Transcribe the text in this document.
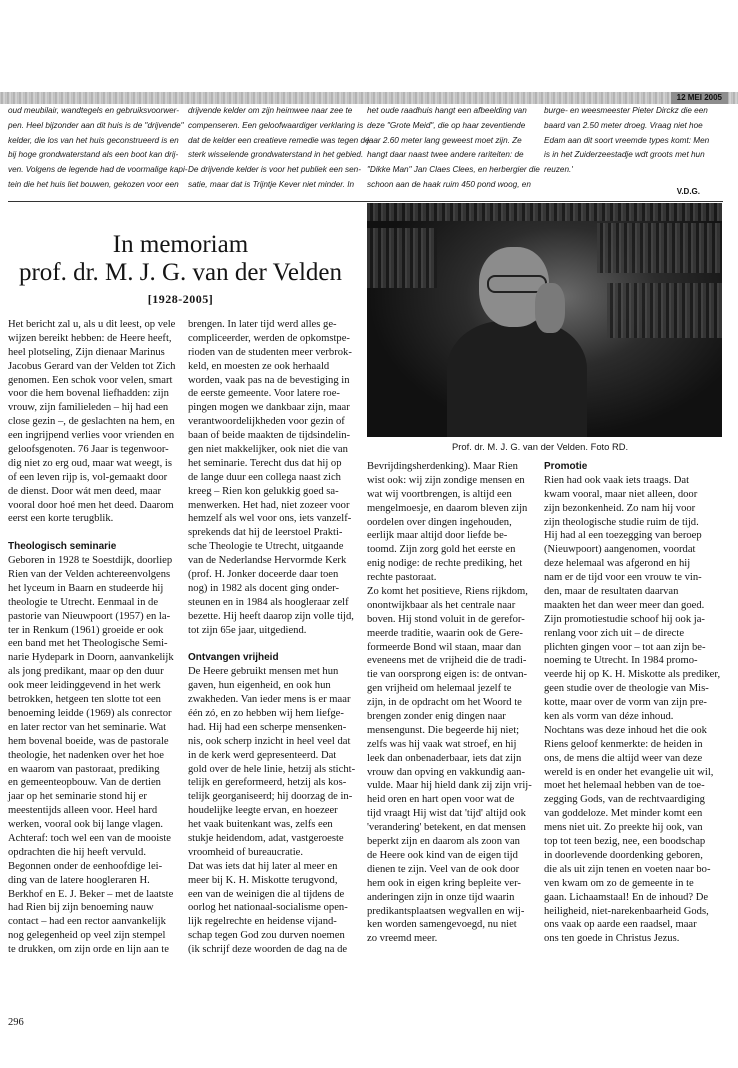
12 MEI 2005
oud meubilair, wandtegels en gebruiksvoorwer-
pen. Heel bijzonder aan dit huis is de "drijvende"
kelder, die los van het huis geconstrueerd is en
bij hoge grondwaterstand als een boot kan drij-
ven. Volgens de legende had de voormalige kapi-
tein die het huis liet bouwen, gekozen voor een
drijvende kelder om zijn heimwee naar zee te
compenseren. Een geloofwaardiger verklaring is
dat de kelder een creatieve remedie was tegen de
sterk wisselende grondwaterstand in het gebied.
De drijvende kelder is voor het publiek een sen-
satie, maar dat is Trijntje Kever niet minder. In
het oude raadhuis hangt een afbeelding van
deze "Grote Meid", die op haar zeventiende
jaar 2.60 meter lang geweest moet zijn. Ze
hangt daar naast twee andere rariteiten: de
"Dikke Man" Jan Claes Clees, en herbergier die
schoon aan de haak ruim 450 pond woog, en
burge- en weesmeester Pieter Dirckz die een
baard van 2.50 meter droeg. Vraag niet hoe
Edam aan dit soort vreemde types komt: Men
is in het Zuiderzeestadje wdt groots met hun
reuzen.'
V.D.G.
In memoriam
prof. dr. M. J. G. van der Velden
[1928-2005]
Prof. dr. M. J. G. van der Velden. Foto RD.
Het bericht zal u, als u dit leest, op vele
wijzen bereikt hebben: de Heere heeft,
heel plotseling, Zijn dienaar Marinus
Jacobus Gerard van der Velden tot Zich
genomen. Een schok voor velen, smart
voor die hem bovenal liefhadden: zijn
vrouw, zijn familieleden – hij had een
close gezin –, de geslachten na hem, en
een ingrijpend verlies voor vrienden en
geloofsgenoten. 76 Jaar is tegenwoor-
dig niet zo erg oud, maar wat weegt, is
of een leven rijp is, vol-gemaakt door
de dienst. Door wát men deed, maar
vooral door hoé men het deed. Daarom
eerst een korte terugblik.
Theologisch seminarie
Geboren in 1928 te Soestdijk, doorliep
Rien van der Velden achtereenvolgens
het lyceum in Baarn en studeerde hij
theologie te Utrecht. Eenmaal in de
pastorie van Nieuwpoort (1957) en la-
ter in Renkum (1961) groeide er ook
een band met het Theologische Semi-
narie Hydepark in Doorn, aanvankelijk
als jong predikant, maar op den duur
ook meer leidinggevend in het werk
betrokken, hetgeen ten slotte tot een
benoeming leidde (1969) als conrector
en later rector van het seminarie. Wat
hem bovenal boeide, was de pastorale
theologie, het nadenken over het hoe
en waarom van pastoraat, prediking
en gemeenteopbouw. Van de dertien
jaar op het seminarie stond hij er
meestentijds alleen voor. Heel hard
werken, vooral ook bij lange vlagen.
Achteraf: toch wel een van de mooiste
opdrachten die hij heeft vervuld.
Begonnen onder de eenhoofdige lei-
ding van de latere hoogleraren H.
Berkhof en E. J. Beker – met de laatste
had Rien bij zijn benoeming nauw
contact – had een rector aanvankelijk
nog gelegenheid op veel zijn stempel
te drukken, om zijn orde en lijn aan te
brengen. In later tijd werd alles ge-
compliceerder, werden de opkomstpe-
rioden van de studenten meer verbrok-
keld, en moesten ze ook herhaald
worden, vaak pas na de bevestiging in
de eerste gemeente. Voor latere roe-
pingen mogen we dankbaar zijn, maar
verantwoordelijkheden voor gezin of
baan of beide maakten de tijdsindelin-
gen niet makkelijker, ook niet die van
het seminarie. Terecht dus dat hij op
de lange duur een collega naast zich
kreeg – Rien kon gelukkig goed sa-
menwerken. Het had, niet zozeer voor
hemzelf als wel voor ons, iets vanzelf-
sprekends dat hij de leerstoel Prakti-
sche Theologie te Utrecht, uitgaande
van de Nederlandse Hervormde Kerk
(prof. H. Jonker doceerde daar toen
nog) in 1982 als docent ging onder-
steunen en in 1984 als hoogleraar zelf
bezette. Hij heeft daarop zijn volle tijd,
tot zijn 65e jaar, uitgediend.
Ontvangen vrijheid
De Heere gebruikt mensen met hun
gaven, hun eigenheid, en ook hun
zwakheden. Van ieder mens is er maar
één zó, en zo hebben wij hem liefge-
had. Hij had een scherpe mensenken-
nis, ook scherp inzicht in heel veel dat
in de kerk werd gepresenteerd. Dat
gold over de hele linie, hetzij als sticht-
telijk en gereformeerd, hetzij als kos-
telijk georganiseerd; hij doorzag de in-
houdelijke leegte ervan, en hoezeer
het vaak buitenkant was, zelfs een
stukje heidendom, adat, vastgeroeste
vroomheid of bureaucratie.
Dat was iets dat hij later al meer en
meer bij K. H. Miskotte terugvond,
een van de weinigen die al tijdens de
oorlog het nationaal-socialisme open-
lijk regelrechte en heidense vijand-
schap tegen God zou durven noemen
(ik schrijf deze woorden de dag na de
Bevrijdingsherdenking). Maar Rien
wist ook: wij zijn zondige mensen en
wat wij voortbrengen, is altijd een
mengelmoesje, en daarom bleven zijn
oordelen over dingen ingehouden,
eerlijk maar altijd door liefde be-
toomd. Zijn zorg gold het eerste en
enig nodige: de rechte prediking, het
rechte pastoraat.
Zo komt het positieve, Riens rijkdom,
onontwijkbaar als het centrale naar
boven. Hij stond voluit in de gerefor-
meerde traditie, waarin ook de Gere-
formeerde Bond wil staan, maar dan
eveneens met de vrijheid die de tradi-
tie van oorsprong eigen is: de ontvan-
gen vrijheid om helemaal jezelf te
zijn, in de opdracht om het Woord te
brengen zonder enig dingen naar
mensengunst. Die begeerde hij niet;
zelfs was hij vaak wat stroef, en hij
leek dan onbenaderbaar, iets dat zijn
vrouw dan opving en vakkundig aan-
vulde. Maar hij hield dank zij zijn vrij-
heid oren en hart open voor wat de
tijd vraagt Hij wist dat 'tijd' altijd ook
'verandering' betekent, en dat mensen
beperkt zijn en daarom als zoon van
de Heere ook kind van de eigen tijd
dienen te zijn. Veel van de ook door
hem ook in eigen kring bepleite ver-
anderingen zijn in onze tijd waarin
predikantsplaatsen wegvallen en wij-
ken worden samengevoegd, nu niet
zo vreemd meer.
Promotie
Rien had ook vaak iets traags. Dat
kwam vooral, maar niet alleen, door
zijn bezonkenheid. Zo nam hij voor
zijn theologische studie ruim de tijd.
Hij had al een toezegging van beroep
(Nieuwpoort) aangenomen, voordat
deze helemaal was afgerond en hij
nam er de tijd voor een vrouw te vin-
den, maar de resultaten daarvan
maakten het dan weer meer dan goed.
Zijn promotiestudie schoof hij ook ja-
renlang voor zich uit – de directe
plichten gingen voor – tot aan zijn be-
noeming te Utrecht. In 1984 promo-
veerde hij op K. H. Miskotte als prediker,
geen studie over de theologie van Mis-
kotte, maar over de vorm van zijn pre-
ken als vorm van déze inhoud.
Nochtans was deze inhoud het die ook
Riens geloof kenmerkte: de heiden in
ons, de mens die altijd weer van deze
wereld is en onder het evangelie uit wil,
moet het helemaal hebben van de toe-
zegging Gods, van de rechtvaardiging
van goddeloze. Met minder komt een
mens niet uit. Zo preekte hij ook, van
top tot teen bezig, nee, een boodschap
in doorlevende doordenking geboren,
die als uit zijn tenen en voeten naar bo-
ven kwam om zo de gemeente in te
gaan. Lichaamstaal! En de inhoud? De
heiligheid, niet-narekenbaarheid Gods,
ons vaak op aarde een raadsel, maar
ons ten goede in Christus Jezus.
296
